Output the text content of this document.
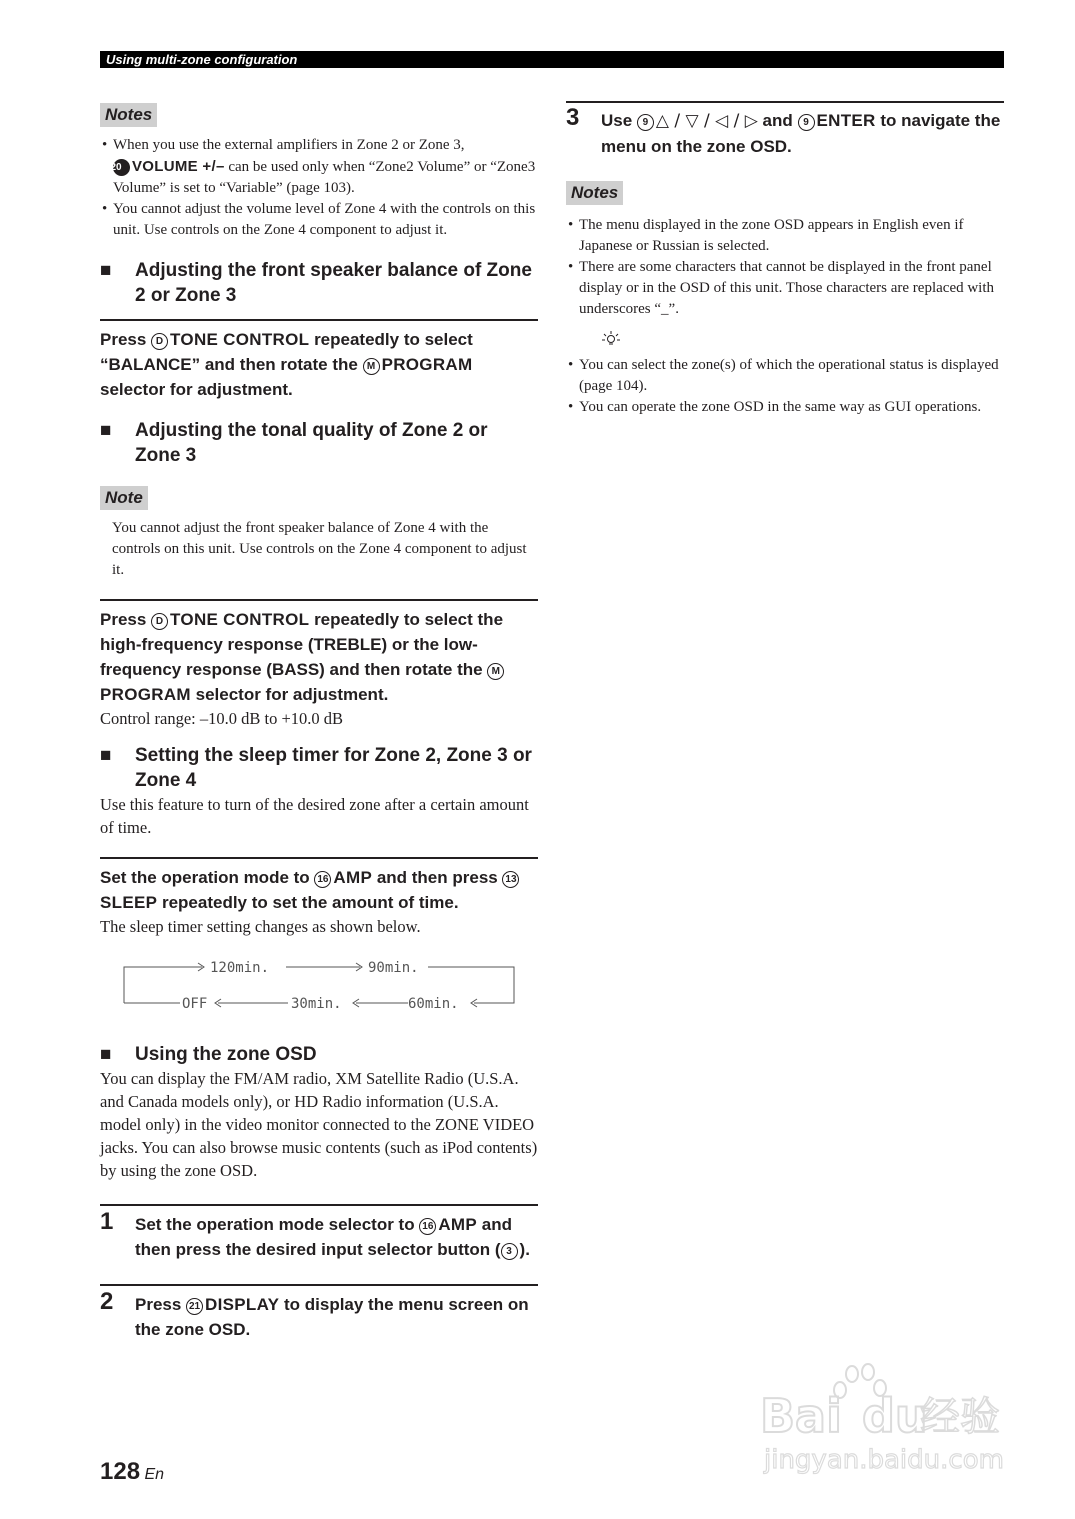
Using multi-zone configuration
Notes
• When you use the external amplifiers in Zone 2 or Zone 3,
20 VOLUME +/– can be used only when “Zone2 Volume” or “Zone3 Volume” is set to “Variable” (page 103).
• You cannot adjust the volume level of Zone 4 with the controls on this unit. Use controls on the Zone 4 component to adjust it.
■ Adjusting the front speaker balance of Zone 2 or Zone 3
Press D TONE CONTROL repeatedly to select “BALANCE” and then rotate the M PROGRAM selector for adjustment.
■ Adjusting the tonal quality of Zone 2 or Zone 3
Note
You cannot adjust the front speaker balance of Zone 4 with the controls on this unit. Use controls on the Zone 4 component to adjust it.
Press D TONE CONTROL repeatedly to select the high-frequency response (TREBLE) or the low-frequency response (BASS) and then rotate the MPROGRAM selector for adjustment.
Control range: –10.0 dB to +10.0 dB
■ Setting the sleep timer for Zone 2, Zone 3 or Zone 4
Use this feature to turn of the desired zone after a certain amount of time.
Set the operation mode to 16 AMP and then press 13SLEEP repeatedly to set the amount of time.
The sleep timer setting changes as shown below.
120min.	90min.
60min.
30min.
OFF
■ Using the zone OSD
You can display the FM/AM radio, XM Satellite Radio (U.S.A. and Canada models only), or HD Radio information (U.S.A. model only) in the video monitor connected to the ZONE VIDEO jacks. You can also browse music contents (such as iPod contents) by using the zone OSD.
1 Set the operation mode selector to 16 AMP and then press the desired input selector button ( 3 ).
2 Press 21 DISPLAY to display the menu screen on the zone OSD.
3 Use 9 △ / ▽ / ◁ / ▷ and 9 ENTER to navigate the menu on the zone OSD.
Notes
• The menu displayed in the zone OSD appears in English even if Japanese or Russian is selected.
• There are some characters that cannot be displayed in the front panel display or in the OSD of this unit. Those characters are replaced with underscores “_”.
• You can select the zone(s) of which the operational status is displayed (page 104).
• You can operate the zone OSD in the same way as GUI operations.
128 En
Bai du
经验
jingyan.baidu.com
